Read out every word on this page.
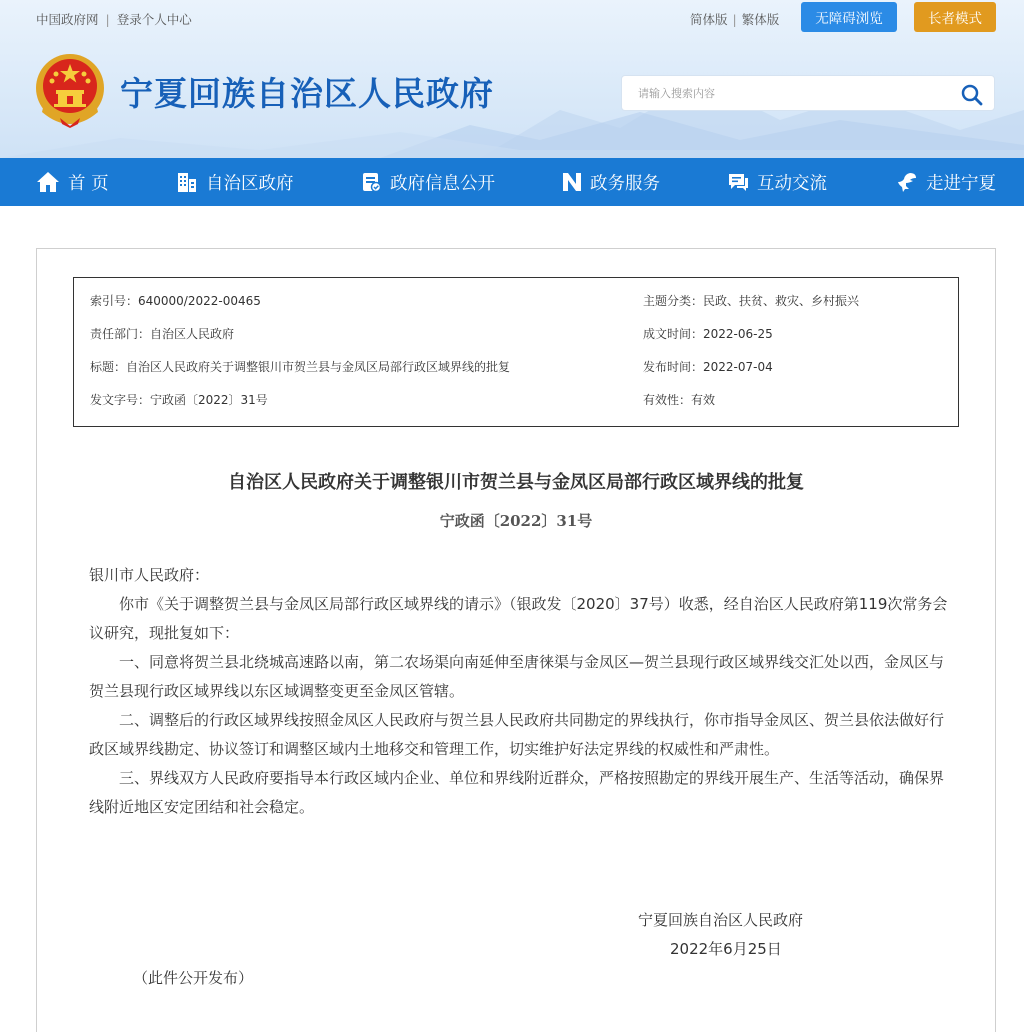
中国政府网 | 登录个人中心	简体版 | 繁体版	无障碍浏览	长者模式
宁夏回族自治区人民政府
请输入搜索内容
首 页	自治区政府	政府信息公开	政务服务	互动交流	走进宁夏
索引号：640000/2022-00465
责任部门：自治区人民政府
标题：自治区人民政府关于调整银川市贺兰县与金凤区局部行政区域界线的批复
发文字号：宁政函〔2022〕31号
主题分类：民政、扶贫、救灾、乡村振兴
成文时间：2022-06-25
发布时间：2022-07-04
有效性：有效
自治区人民政府关于调整银川市贺兰县与金凤区局部行政区域界线的批复
宁政函〔2022〕31号

银川市人民政府：

你市《关于调整贺兰县与金凤区局部行政区域界线的请示》（银政发〔2020〕37号）收悉，经自治区人民政府第119次常务会议研究，现批复如下：

一、同意将贺兰县北绕城高速路以南，第二农场渠向南延伸至唐徕渠与金凤区—贺兰县现行政区域界线交汇处以西，金凤区与贺兰县现行政区域界线以东区域调整变更至金凤区管辖。

二、调整后的行政区域界线按照金凤区人民政府与贺兰县人民政府共同勘定的界线执行，你市指导金凤区、贺兰县依法做好行政区域界线勘定、协议签订和调整区域内土地移交和管理工作，切实维护好法定界线的权威性和严肃性。

三、界线双方人民政府要指导本行政区域内企业、单位和界线附近群众，严格按照勘定的界线开展生产、生活等活动，确保界线附近地区安定团结和社会稳定。

宁夏回族自治区人民政府
2022年6月25日
（此件公开发布）
